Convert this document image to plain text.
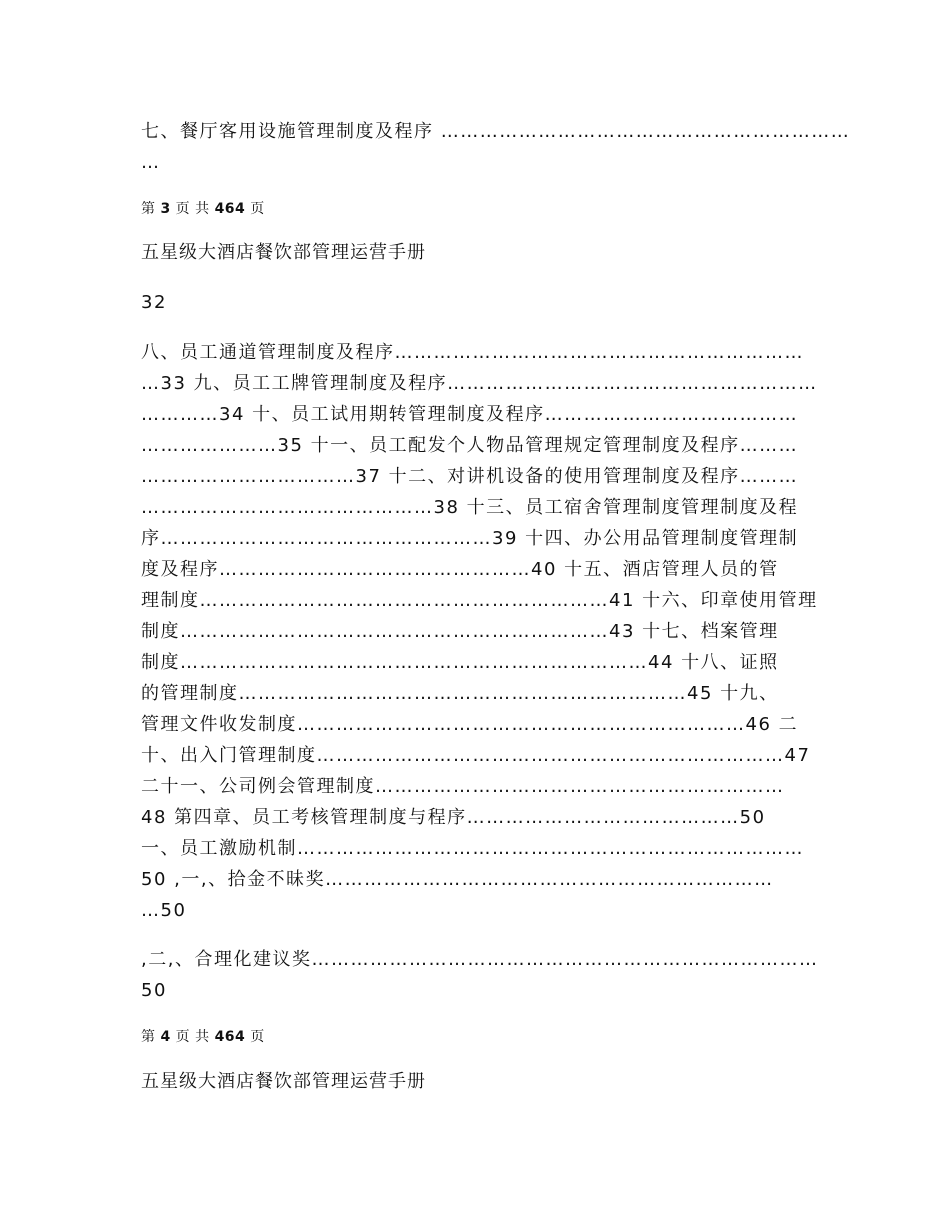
七、餐厅客用设施管理制度及程序 ………………………………………………………
…
第 3 页 共 464 页
五星级大酒店餐饮部管理运营手册
32
八、员工通道管理制度及程序………………………………………………………
…33 九、员工工牌管理制度及程序…………………………………………………
…………34 十、员工试用期转管理制度及程序…………………………………
…………………35 十一、员工配发个人物品管理规定管理制度及程序………
……………………………37 十二、对讲机设备的使用管理制度及程序………
………………………………………38 十三、员工宿舍管理制度管理制度及程
序……………………………………………39 十四、办公用品管理制度管理制
度及程序…………………………………………40 十五、酒店管理人员的管
理制度………………………………………………………41 十六、印章使用管理
制度…………………………………………………………43 十七、档案管理
制度………………………………………………………………44 十八、证照
的管理制度……………………………………………………………45 十九、
管理文件收发制度……………………………………………………………46 二
十、出入门管理制度………………………………………………………………47
二十一、公司例会管理制度………………………………………………………
48 第四章、员工考核管理制度与程序……………………………………50
一、员工激励机制……………………………………………………………………
50 ,一,、拾金不昧奖……………………………………………………………
…50
,二,、合理化建议奖……………………………………………………………………
50
第 4 页 共 464 页
五星级大酒店餐饮部管理运营手册
